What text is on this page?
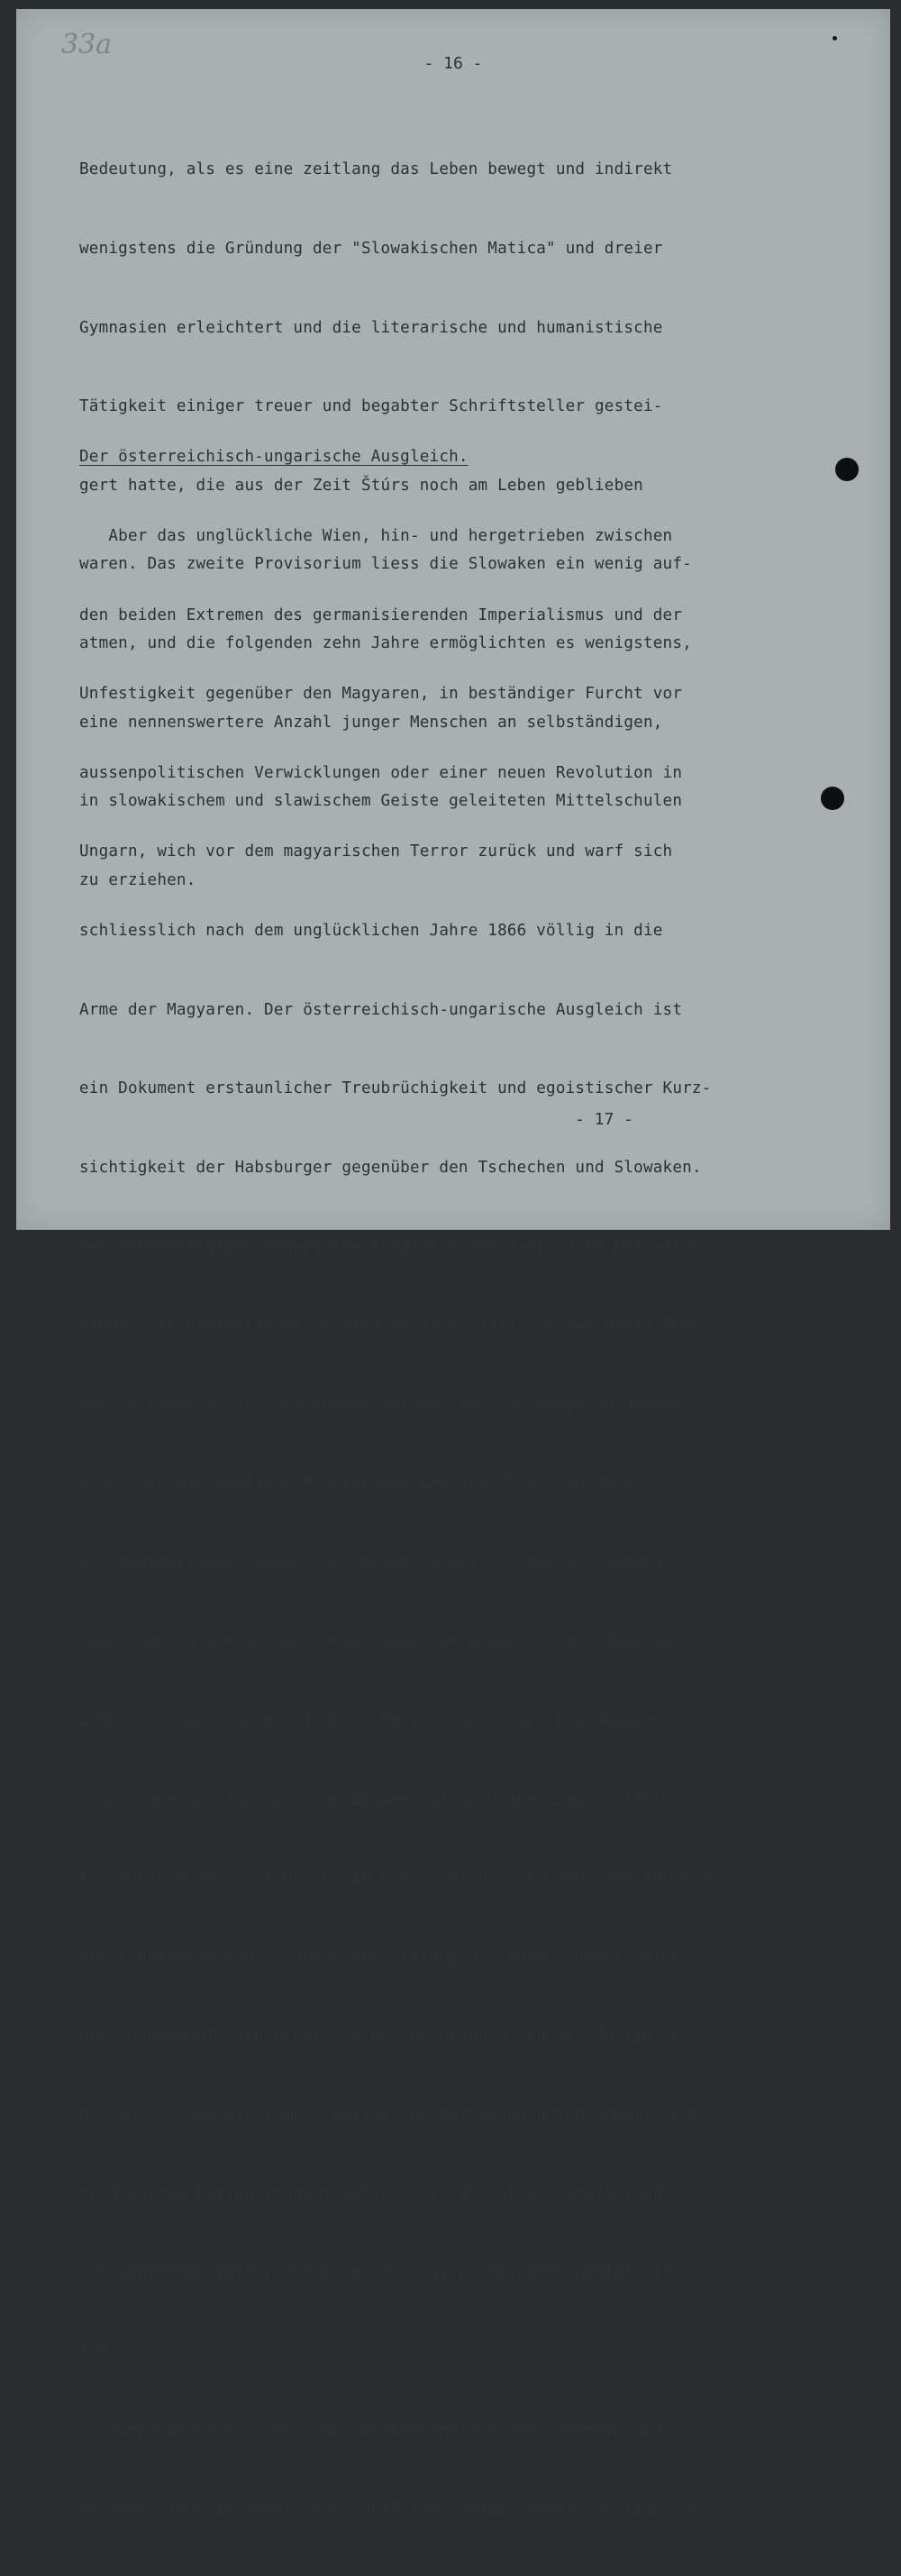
33a
- 16 -

Bedeutung, als es eine zeitlang das Leben bewegt und indirekt

wenigstens die Gründung der "Slowakischen Matica" und dreier

Gymnasien erleichtert und die literarische und humanistische

Tätigkeit einiger treuer und begabter Schriftsteller gestei-

gert hatte, die aus der Zeit Štúrs noch am Leben geblieben

waren. Das zweite Provisorium liess die Slowaken ein wenig auf-

atmen, und die folgenden zehn Jahre ermöglichten es wenigstens,

eine nennenswertere Anzahl junger Menschen an selbständigen,

in slowakischem und slawischem Geiste geleiteten Mittelschulen

zu erziehen.

Der österreichisch-ungarische Ausgleich.

Aber das unglückliche Wien, hin- und hergetrieben zwischen

den beiden Extremen des germanisierenden Imperialismus und der

Unfestigkeit gegenüber den Magyaren, in beständiger Furcht vor

aussenpolitischen Verwicklungen oder einer neuen Revolution in

Ungarn, wich vor dem magyarischen Terror zurück und warf sich

schliesslich nach dem unglücklichen Jahre 1866 völlig in die

Arme der Magyaren. Der österreichisch-ungarische Ausgleich ist

ein Dokument erstaunlicher Treubrüchigkeit und egoistischer Kurz-

sichtigkeit der Habsburger gegenüber den Tschechen und Slowaken.

Der österreichisch-ungarische Ausgleich vom Jahre 1867 hat aller-

dings sein historisches Vorbild im Jahre 1741, in dem Maria There-

sia in Angst um ihr Erbe Unterstützung bei den Magyaren gewann,

denen sie die adeligen Privilegien und die alten Gebräuche

der dualistischen Regierung vermehrte und anerkannte. (Rappant:

"Beiträge zu den Sprachverhältnissen in Ungarn in der Zeit vor

1790", "Prúdy" Jahrg. VI-366.) Politik empfanden die Magyaren

selbst und dachten schon zu Beginn der sechziger Jahre aller-

lei Formeln aus, mit denen sie die Nichtmagyaren täuschen könnten.

Der Landtagsausschuss unter Vermittlung des Barons Josef Eötvös,

der ausgesandt worden war, um das Memorandum von St. Martin zu

prüfen, ersann die famose Definition der sogenannten ungarischen

politischen Nation (magyar nemzet), zu der alle Einzelpersonen

und einzelnen Völker gehörten, die auf ungarischem Gebiete leb-

ten.

Durch diese Fiktion, die anscheinend von Deák stammte und

im Jahre 1868 im Gesetz Art. XLIV legalisiert wurde, wollten sie

- 17 -
